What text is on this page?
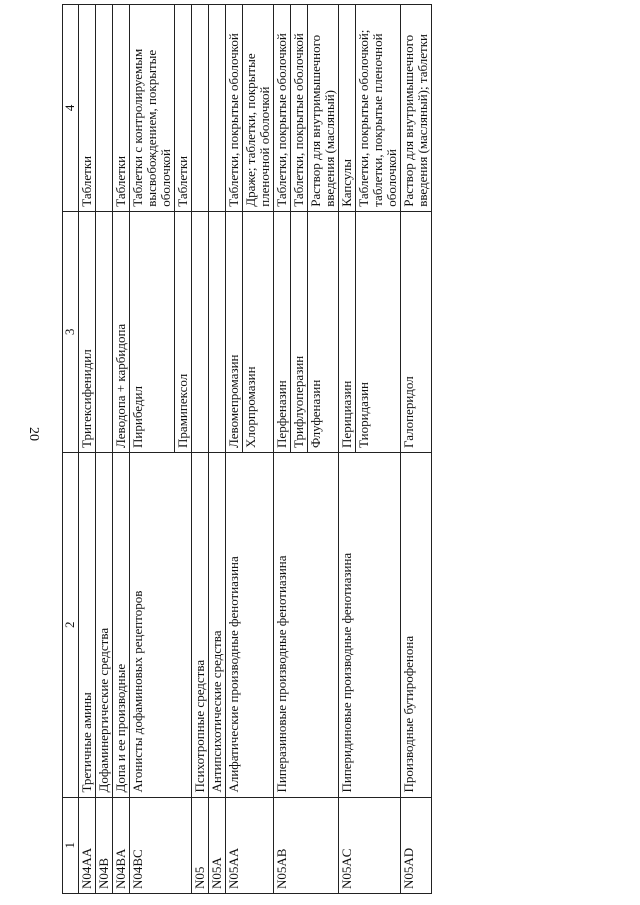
20
1	2	3	4
N04AA	Третичные амины	Тригексифенидил	Таблетки
N04B	Дофаминергические средства		
N04BA	Допа и ее производные	Леводопа + карбидопа	Таблетки
N04BC	Агонисты дофаминовых рецепторов	Пирибедил	Таблетки с контролируемым высвобождением, покрытые оболочкой
		Прамипексол	Таблетки
N05	Психотропные средства		
N05A	Антипсихотические средства		
N05AA	Алифатические производные фенотиазина	Левомепромазин	Таблетки, покрытые оболочкой
		Хлорпромазин	Драже; таблетки, покрытые пленочной оболочкой
N05AB	Пиперазиновые производные фенотиазина	Перфеназин	Таблетки, покрытые оболочкой
		Трифлуоперазин	Таблетки, покрытые оболочкой
		Флуфеназин	Раствор для внутримышечного введения (масляный)
N05AC	Пиперидиновые производные фенотиазина	Перициазин	Капсулы
		Тиоридазин	Таблетки, покрытые оболочкой; таблетки, покрытые пленочной оболочкой
N05AD	Производные бутирофенона	Галоперидол	Раствор для внутримышечного введения (масляный); таблетки
